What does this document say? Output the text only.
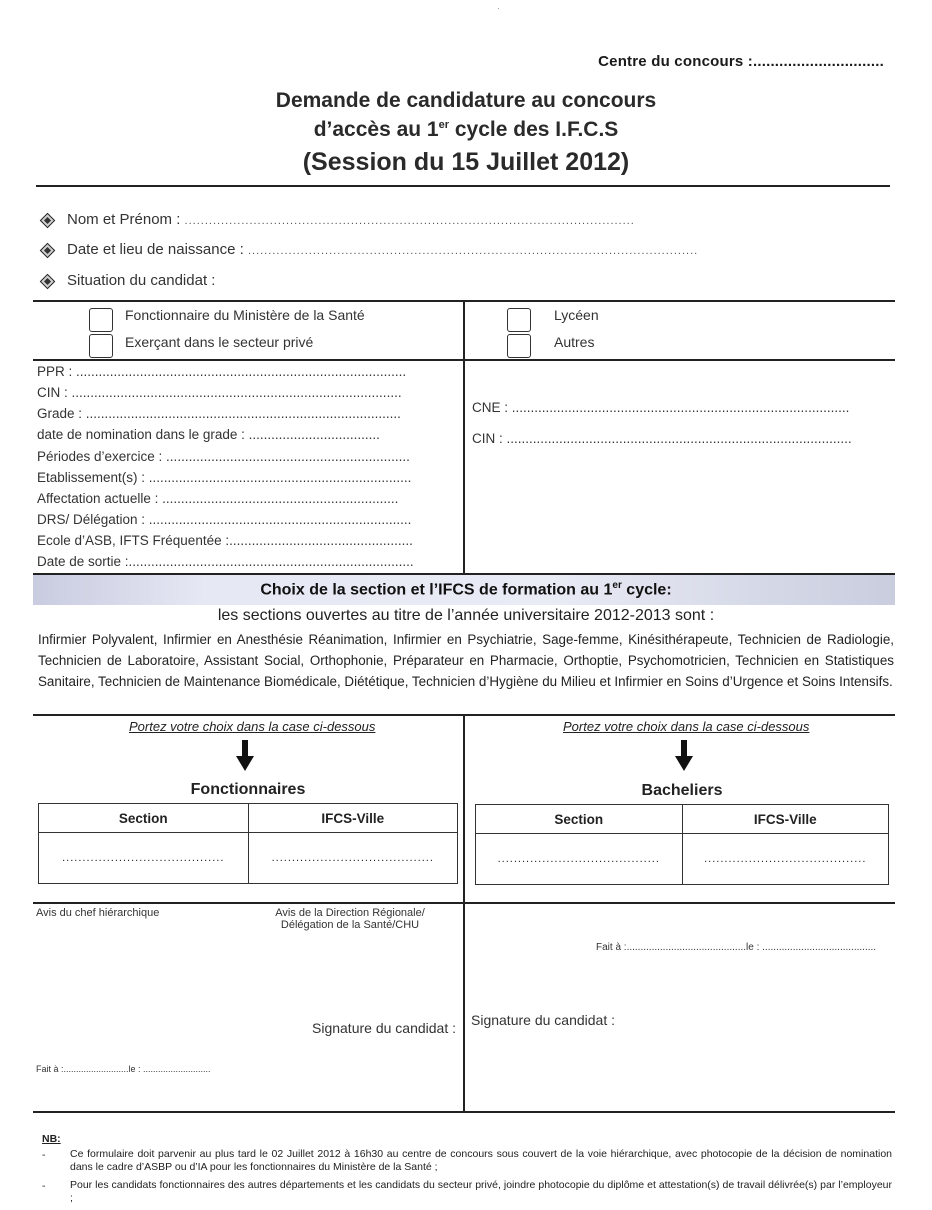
·
Centre du concours :..............................
Demande de candidature au concours
d’accès au 1er cycle des I.F.C.S
(Session du 15 Juillet 2012)
Nom et Prénom : ...............................................................................................................
Date et lieu de naissance : ...............................................................................................................
Situation du candidat :
Fonctionnaire du Ministère de la Santé
Exerçant dans le secteur privé
Lycéen
Autres
PPR : ........................................................................................
CIN : ........................................................................................
Grade : ....................................................................................
date de nomination dans le grade : ...................................
Périodes d’exercice : .................................................................
Etablissement(s) : ......................................................................
Affectation actuelle : ...............................................................
DRS/ Délégation : ......................................................................
Ecole d’ASB, IFTS Fréquentée :.................................................
Date de sortie :............................................................................
CNE : ..........................................................................................
CIN : ............................................................................................
Choix de la section et l’IFCS de formation au 1er cycle:
les sections ouvertes au titre de l’année universitaire 2012-2013 sont :
Infirmier Polyvalent, Infirmier en Anesthésie Réanimation, Infirmier en Psychiatrie, Sage-femme, Kinésithérapeute, Technicien de Radiologie, Technicien de Laboratoire, Assistant Social, Orthophonie, Préparateur en Pharmacie, Orthoptie, Psychomotricien, Technicien en Statistiques Sanitaire, Technicien de Maintenance Biomédicale, Diététique, Technicien d’Hygiène du Milieu et Infirmier en Soins d’Urgence et Soins Intensifs.
Portez votre choix dans la case ci-dessous	Portez votre choix dans la case ci-dessous
Fonctionnaires	Bacheliers
Section	IFCS-Ville
........................................	........................................
Section	IFCS-Ville
........................................	........................................
Avis du chef hiérarchique	Avis de la Direction Régionale/
Délégation de la Santé/CHU
Fait à :...........................................le : .........................................
Signature du candidat : Signature du candidat :
Fait à :..........................le : ...........................
NB:
- Ce formulaire doit parvenir au plus tard le 02 Juillet 2012 à 16h30 au centre de concours sous couvert de la voie hiérarchique, avec photocopie de la décision de nomination dans le cadre d’ASBP ou d’IA pour les fonctionnaires du Ministère de la Santé ;
- Pour les candidats fonctionnaires des autres départements et les candidats du secteur privé, joindre photocopie du diplôme et attestation(s) de travail délivrée(s) par l’employeur ;
